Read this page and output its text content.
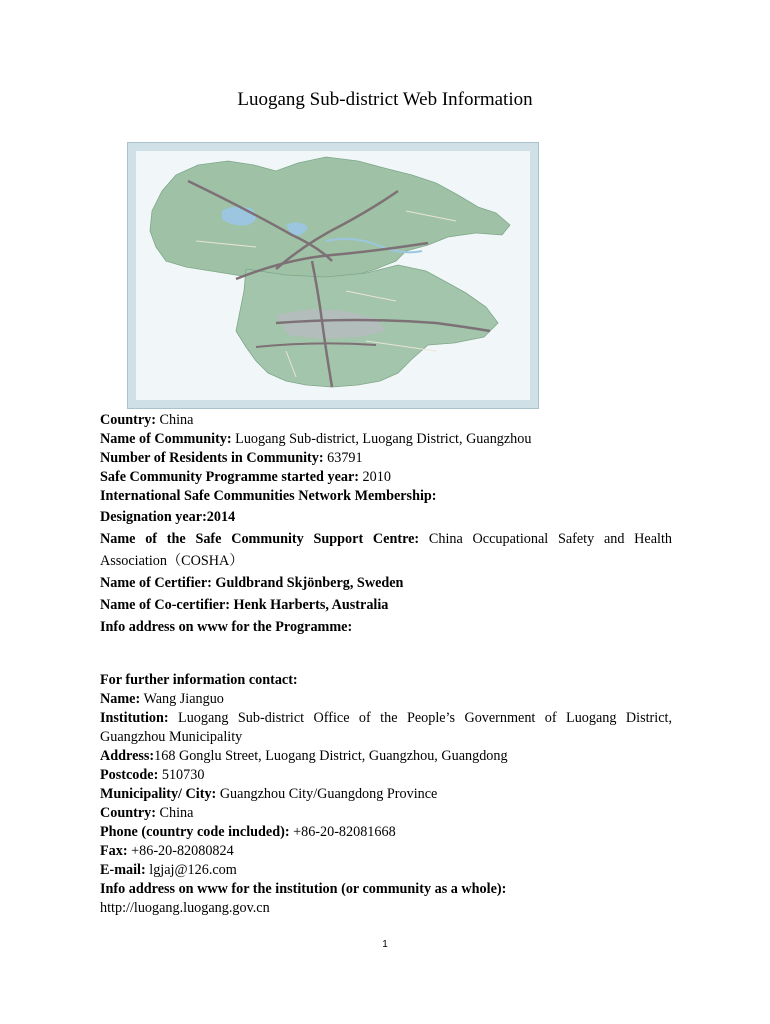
Luogang Sub-district Web Information
Country: China
Name of Community: Luogang Sub-district, Luogang District, Guangzhou
Number of Residents in Community: 63791
Safe Community Programme started year: 2010
International Safe Communities Network Membership:
Designation year:2014
Name of the Safe Community Support Centre: China Occupational Safety and Health
Association（COSHA）
Name of Certifier: Guldbrand Skjönberg, Sweden
Name of Co-certifier: Henk Harberts, Australia
Info address on www for the Programme:
For further information contact:
Name: Wang Jianguo
Institution: Luogang Sub-district Office of the People’s Government of Luogang District,
Guangzhou Municipality
Address:168 Gonglu Street, Luogang District, Guangzhou, Guangdong
Postcode: 510730
Municipality/ City: Guangzhou City/Guangdong Province
Country: China
Phone (country code included): +86-20-82081668
Fax: +86-20-82080824
E-mail: lgjaj@126.com
Info address on www for the institution (or community as a whole):
http://luogang.luogang.gov.cn
1
